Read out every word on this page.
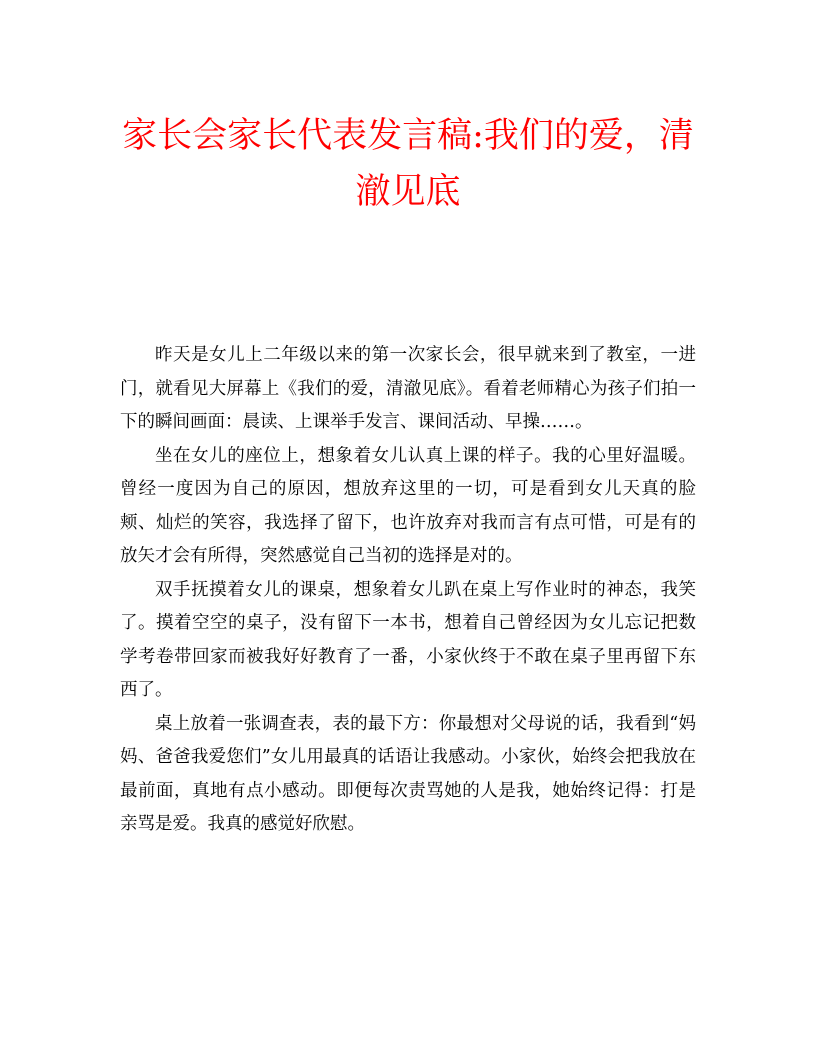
家长会家长代表发言稿:我们的爱，清
澈见底

昨天是女儿上二年级以来的第一次家长会，很早就来到了教室，一进门，就看见大屏幕上《我们的爱，清澈见底》。看着老师精心为孩子们拍一下的瞬间画面：晨读、上课举手发言、课间活动、早操……。

坐在女儿的座位上，想象着女儿认真上课的样子。我的心里好温暖。曾经一度因为自己的原因，想放弃这里的一切，可是看到女儿天真的脸颊、灿烂的笑容，我选择了留下，也许放弃对我而言有点可惜，可是有的放矢才会有所得，突然感觉自己当初的选择是对的。

双手抚摸着女儿的课桌，想象着女儿趴在桌上写作业时的神态，我笑了。摸着空空的桌子，没有留下一本书，想着自己曾经因为女儿忘记把数学考卷带回家而被我好好教育了一番，小家伙终于不敢在桌子里再留下东西了。

桌上放着一张调查表，表的最下方：你最想对父母说的话，我看到“妈妈、爸爸我爱您们”女儿用最真的话语让我感动。小家伙，始终会把我放在最前面，真地有点小感动。即便每次责骂她的人是我，她始终记得：打是亲骂是爱。我真的感觉好欣慰。
